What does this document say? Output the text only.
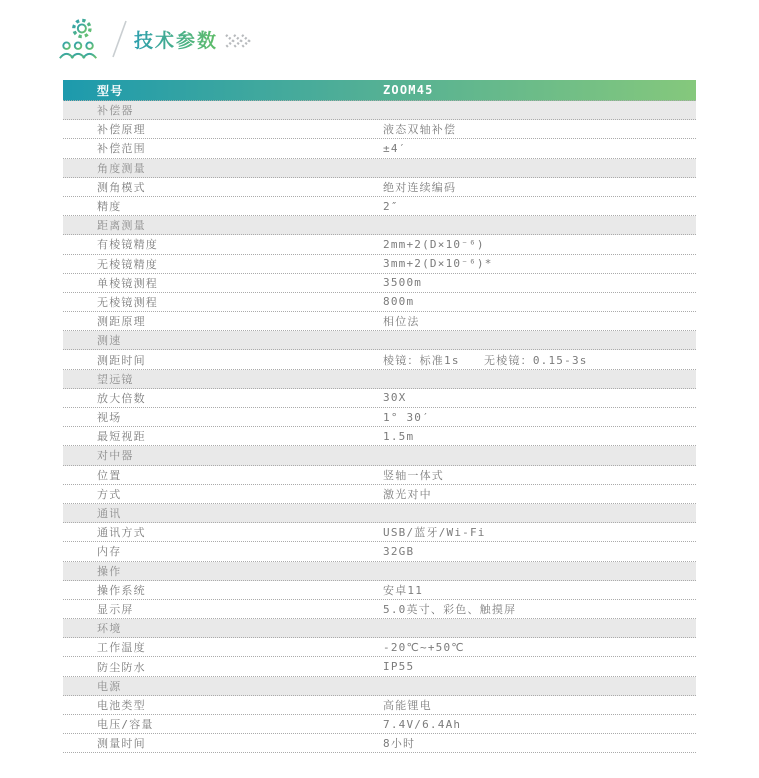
技术参数
型号	ZOOM45
补偿器
补偿原理	液态双轴补偿
补偿范围	±4′
角度测量
测角模式	绝对连续编码
精度	2″
距离测量
有棱镜精度	2mm+2(D×10⁻⁶)
无棱镜精度	3mm+2(D×10⁻⁶)*
单棱镜测程	3500m
无棱镜测程	800m
测距原理	相位法
测速
测距时间	棱镜：标准1s　　无棱镜：0.15-3s
望远镜
放大倍数	30X
视场	1° 30′
最短视距	1.5m
对中器
位置	竖轴一体式
方式	激光对中
通讯
通讯方式	USB/蓝牙/Wi-Fi
内存	32GB
操作
操作系统	安卓11
显示屏	5.0英寸、彩色、触摸屏
环境
工作温度	-20℃~+50℃
防尘防水	IP55
电源
电池类型	高能锂电
电压/容量	7.4V/6.4Ah
测量时间	8小时
